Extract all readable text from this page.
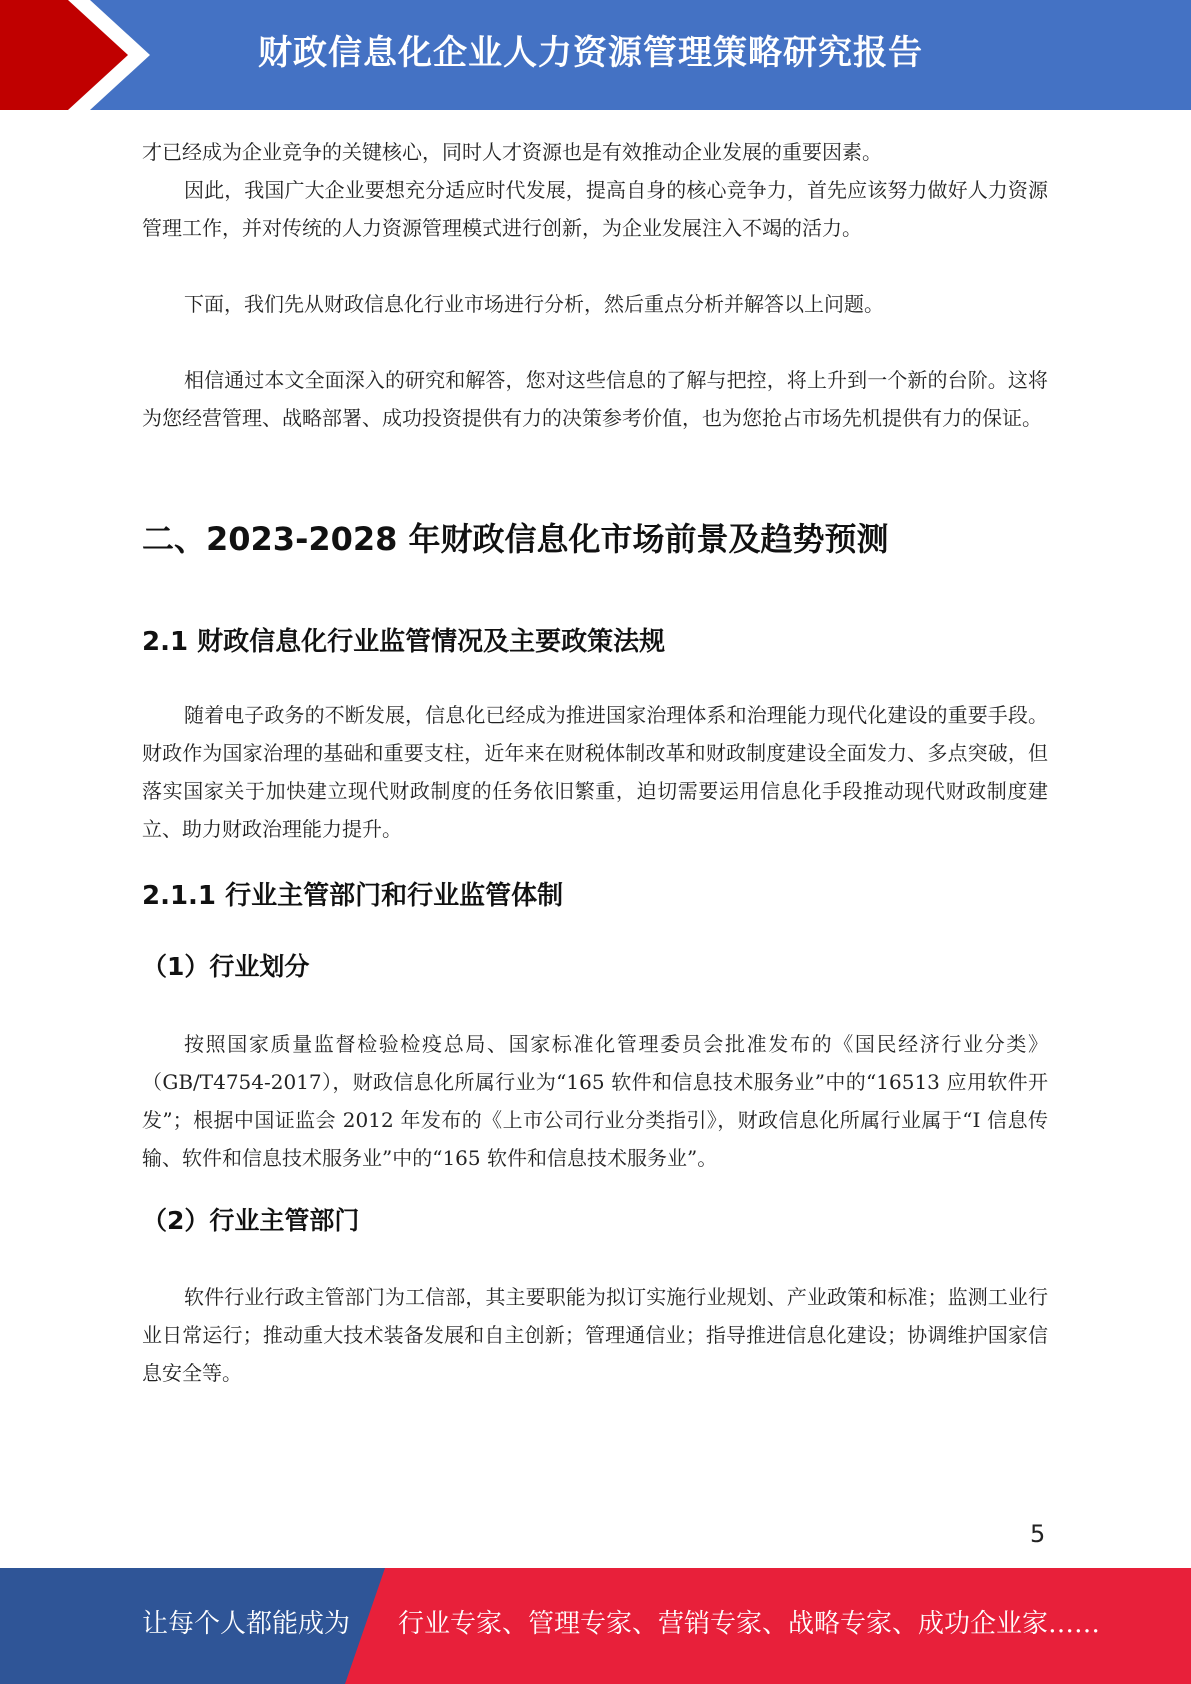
财政信息化企业人力资源管理策略研究报告

才已经成为企业竞争的关键核心，同时人才资源也是有效推动企业发展的重要因素。

因此，我国广大企业要想充分适应时代发展，提高自身的核心竞争力，首先应该努力做好人力资源管理工作，并对传统的人力资源管理模式进行创新，为企业发展注入不竭的活力。

下面，我们先从财政信息化行业市场进行分析，然后重点分析并解答以上问题。

相信通过本文全面深入的研究和解答，您对这些信息的了解与把控，将上升到一个新的台阶。这将为您经营管理、战略部署、成功投资提供有力的决策参考价值，也为您抢占市场先机提供有力的保证。

二、2023-2028 年财政信息化市场前景及趋势预测
2.1 财政信息化行业监管情况及主要政策法规

随着电子政务的不断发展，信息化已经成为推进国家治理体系和治理能力现代化建设的重要手段。财政作为国家治理的基础和重要支柱，近年来在财税体制改革和财政制度建设全面发力、多点突破，但落实国家关于加快建立现代财政制度的任务依旧繁重，迫切需要运用信息化手段推动现代财政制度建立、助力财政治理能力提升。

2.1.1 行业主管部门和行业监管体制
（1）行业划分

按照国家质量监督检验检疫总局、国家标准化管理委员会批准发布的《国民经济行业分类》（GB/T4754-2017），财政信息化所属行业为“165 软件和信息技术服务业”中的“16513 应用软件开发”；根据中国证监会 2012 年发布的《上市公司行业分类指引》，财政信息化所属行业属于“I 信息传输、软件和信息技术服务业”中的“165 软件和信息技术服务业”。

（2）行业主管部门

软件行业行政主管部门为工信部，其主要职能为拟订实施行业规划、产业政策和标准；监测工业行业日常运行；推动重大技术装备发展和自主创新；管理通信业；指导推进信息化建设；协调维护国家信息安全等。

5
让每个人都能成为 行业专家、管理专家、营销专家、战略专家、成功企业家……
